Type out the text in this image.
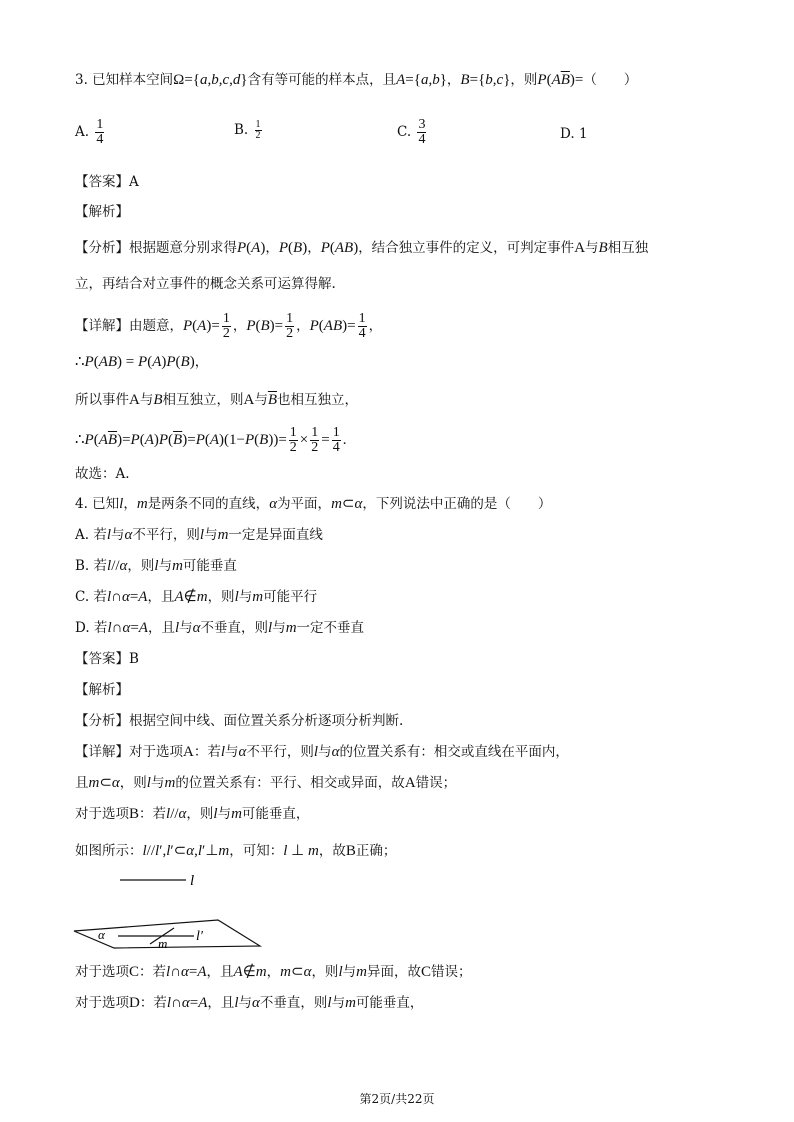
3. 已知样本空间Ω={a,b,c,d}含有等可能的样本点，且A={a,b}，B={b,c}，则$P(A\overline{B})=$（　　）
A. $\frac{1}{4}$	B. $\frac{1}{2}$	C. $\frac{3}{4}$	D. 1
【答案】A
【解析】
【分析】根据题意分别求得P(A)，P(B)，P(AB)，结合独立事件的定义，可判定事件A与B相互独
立，再结合对立事件的概念关系可运算得解.
【详解】由题意，$P(A)= \frac{1}{2}$ ，$P(B)= \frac{1}{2}$ ，$P(AB)= \frac{1}{4}$ ，
∴P(AB) = P(A)P(B)，
所以事件A与B相互独立，则A与$\overline{B}$也相互独立，
$\therefore P(A\overline{B})=P(A)P(\overline{B})=P(A)(1-P(B))= \frac{1}{2} \times \frac{1}{2} = \frac{1}{4}$ .
故选：A.
4. 已知l，m是两条不同的直线，α为平面，m⊂α，下列说法中正确的是（　　）
A. 若l与α不平行，则l与m一定是异面直线
B. 若l//α，则l与m可能垂直
C. 若l∩α=A，且A∉m，则l与m可能平行
D. 若l∩α=A，且l与α不垂直，则l与m一定不垂直
【答案】B
【解析】
【分析】根据空间中线、面位置关系分析逐项分析判断.
【详解】对于选项A：若l与α不平行，则l与α的位置关系有：相交或直线在平面内，
且m⊂α，则l与m的位置关系有：平行、相交或异面，故A错误；
对于选项B：若l//α，则l与m可能垂直，
如图所示：l//l′,l′⊂α,l′⊥m，可知：l ⊥ m，故B正确；
l
α
m l′
对于选项C：若l∩α=A，且A∉m，m⊂α，则l与m异面，故C错误；
对于选项D：若l∩α=A，且l与α不垂直，则l与m可能垂直，
第2页/共22页
